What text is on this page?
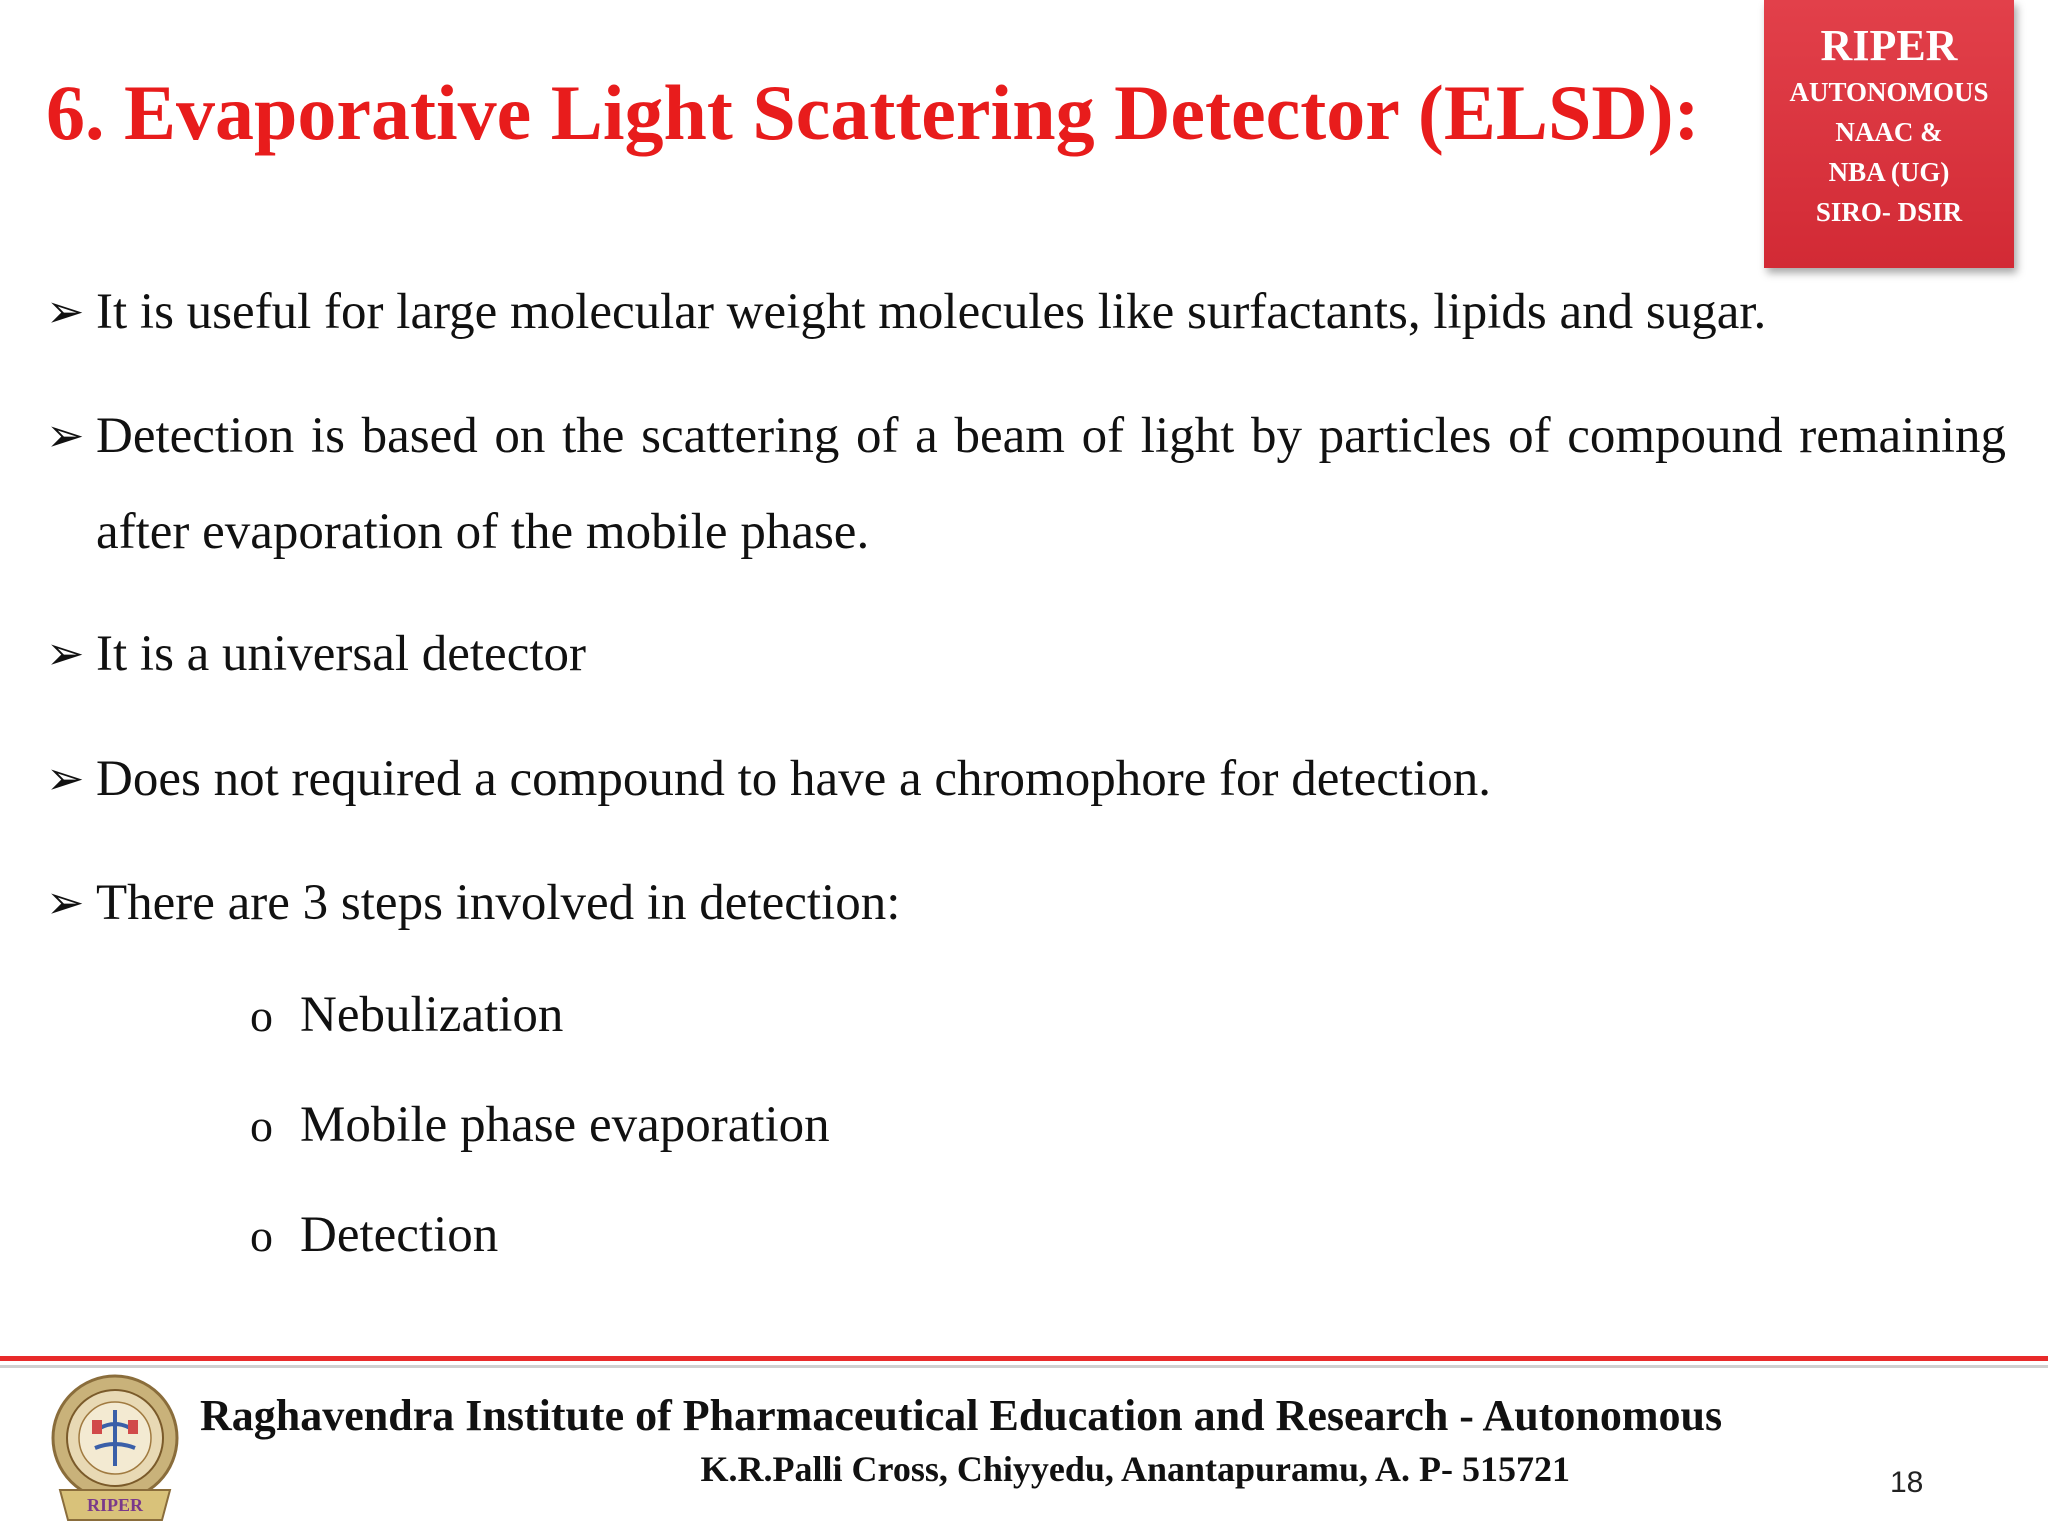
6. Evaporative Light Scattering Detector (ELSD):
RIPER
AUTONOMOUS
NAAC &
NBA (UG)
SIRO- DSIR
➢ It is useful for large molecular weight molecules like surfactants, lipids and sugar.
➢ Detection is based on the scattering of a beam of light by particles of compound remaining after evaporation of the mobile phase.
➢ It is a universal detector
➢ Does not required a compound to have a chromophore for detection.
➢ There are 3 steps involved in detection:
o Nebulization
o Mobile phase evaporation
o Detection
RIPER
Raghavendra Institute of Pharmaceutical Education and Research - Autonomous
K.R.Palli Cross, Chiyyedu, Anantapuramu, A. P- 515721	18
